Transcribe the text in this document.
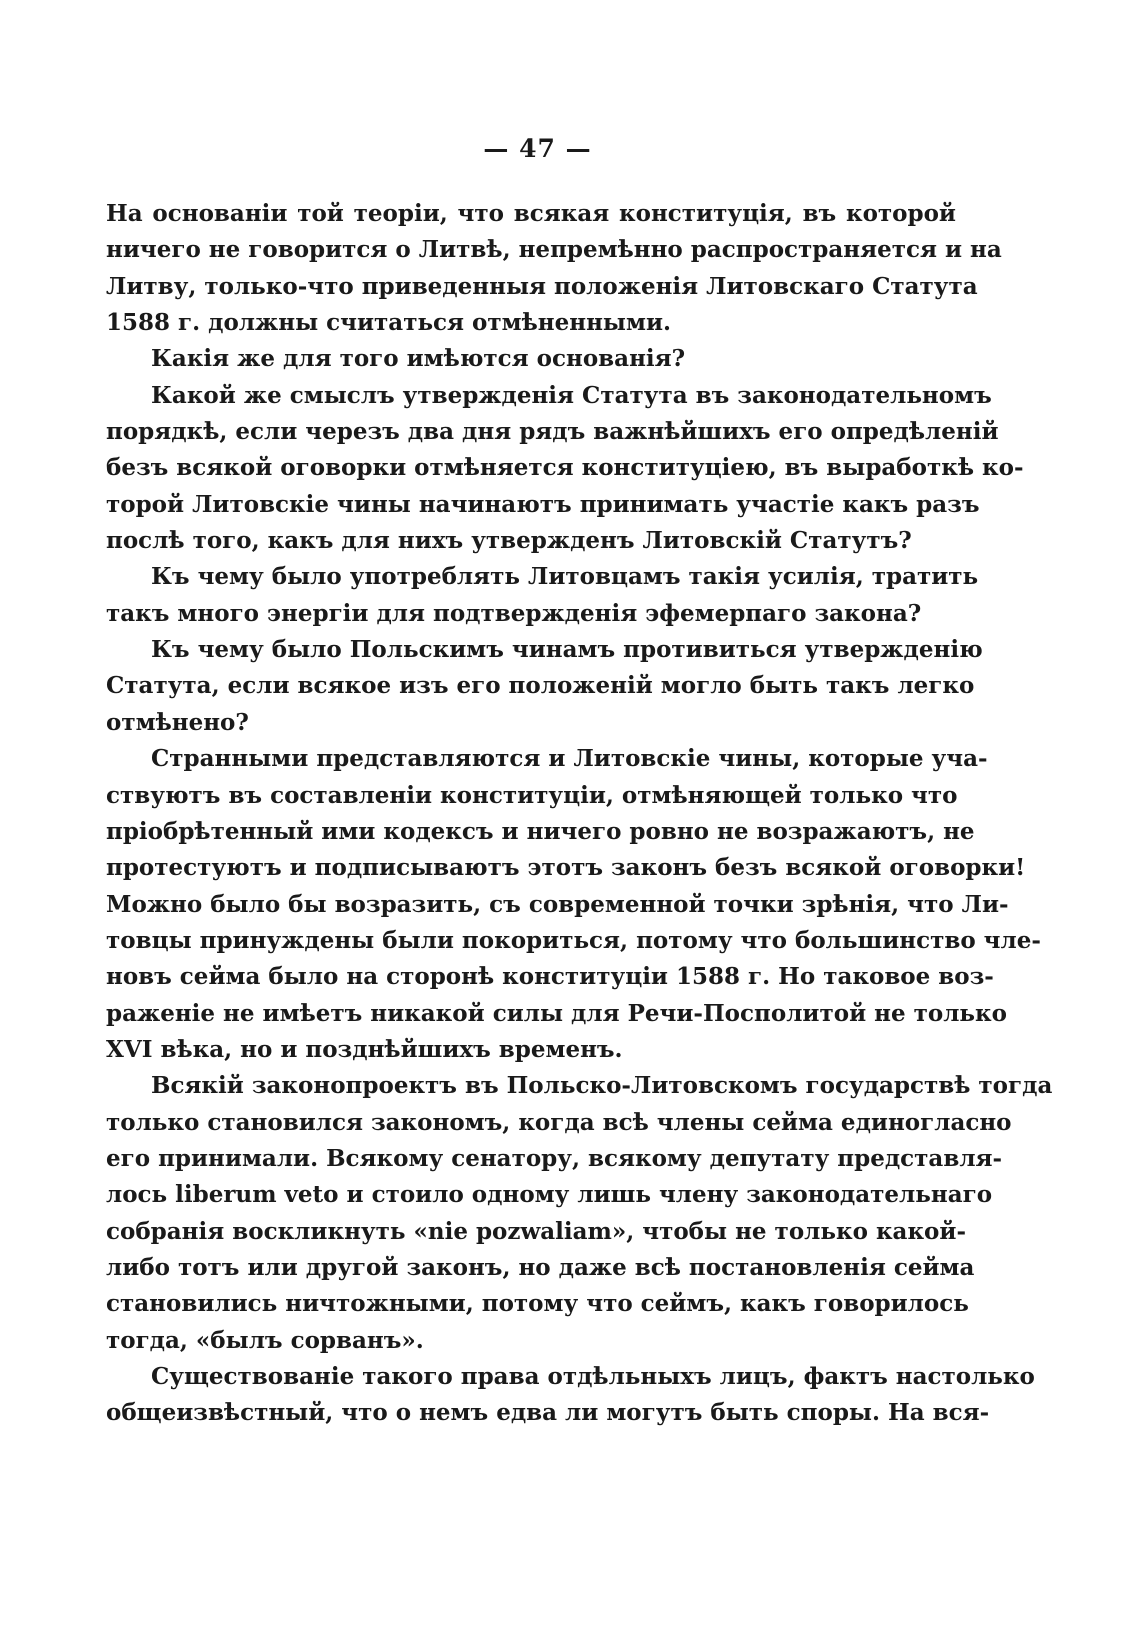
— 47 —
На основанiи той теорiи, что всякая конституцiя, въ которой
ничего не говорится о Литвѣ, непремѣнно распространяется и на
Литву, только-что приведенныя положенiя Литовскаго Статута
1588 г. должны считаться отмѣненными.
Какiя же для того имѣются основанiя?
Какой же смыслъ утвержденiя Статута въ законодательномъ
порядкѣ, если черезъ два дня рядъ важнѣйшихъ его опредѣленiй
безъ всякой оговорки отмѣняется конституцiею, въ выработкѣ ко-
торой Литовскiе чины начинаютъ принимать участiе какъ разъ
послѣ того, какъ для нихъ утвержденъ Литовскiй Статутъ?
Къ чему было употреблять Литовцамъ такiя усилiя, тратить
такъ много энергiи для подтвержденiя эфемерпаго закона?
Къ чему было Польскимъ чинамъ противиться утвержденiю
Статута, если всякое изъ его положенiй могло быть такъ легко
отмѣнено?
Странными представляются и Литовскiе чины, которые уча-
ствуютъ въ составленiи конституцiи, отмѣняющей только что
прiобрѣтенный ими кодексъ и ничего ровно не возражаютъ, не
протестуютъ и подписываютъ этотъ законъ безъ всякой оговорки!
Можно было бы возразить, съ современной точки зрѣнiя, что Ли-
товцы принуждены были покориться, потому что большинство чле-
новъ сейма было на сторонѣ конституцiи 1588 г. Но таковое воз-
раженiе не имѣетъ никакой силы для Речи-Посполитой не только
XVI вѣка, но и позднѣйшихъ временъ.
Всякiй законопроектъ въ Польско-Литовскомъ государствѣ тогда
только становился закономъ, когда всѣ члены сейма единогласно
его принимали. Всякому сенатору, всякому депутату представля-
лось liberum veto и стоило одному лишь члену законодательнаго
собранiя воскликнуть «nie pozwaliam», чтобы не только какой-
либо тотъ или другой законъ, но даже всѣ постановленiя сейма
становились ничтожными, потому что сеймъ, какъ говорилось
тогда, «былъ сорванъ».
Существованiе такого права отдѣльныхъ лицъ, фактъ настолько
общеизвѣстный, что о немъ едва ли могутъ быть споры. На вся-
